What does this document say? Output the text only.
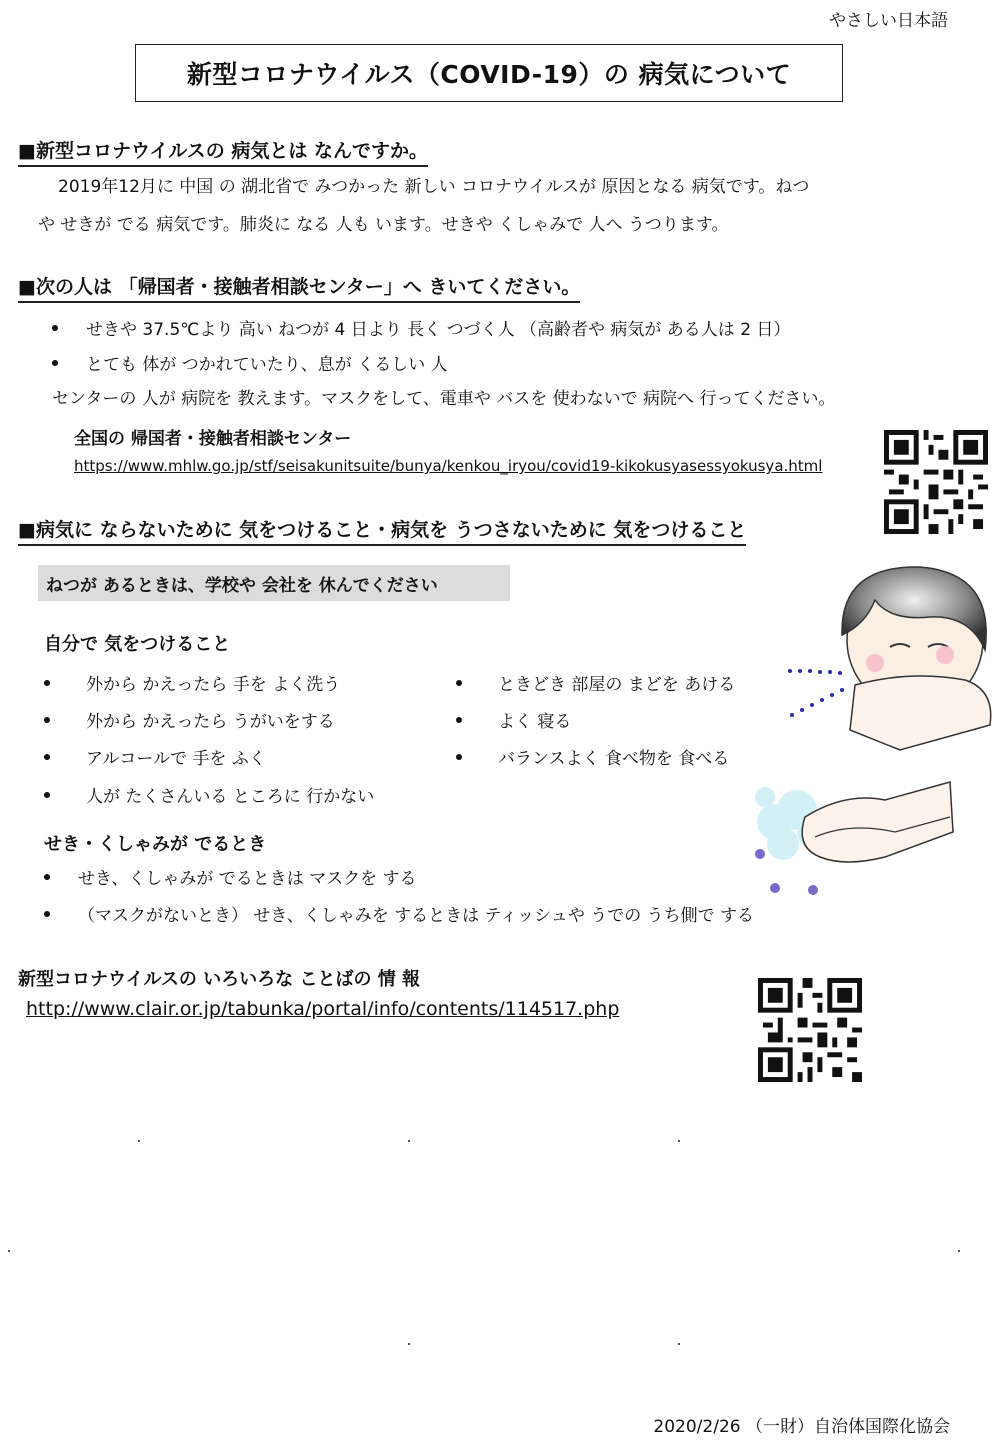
やさしい日本語
新型コロナウイルス（COVID-19）の 病気について
■新型コロナウイルスの 病気とは なんですか。
2019年12月に 中国 の 湖北省で みつかった 新しい コロナウイルスが 原因となる 病気です。ねつ
や せきが でる 病気です。肺炎に なる 人も います。せきや くしゃみで 人へ うつります。
■次の人は 「帰国者・接触者相談センター」へ きいてください。
せきや 37.5℃より 高い ねつが 4 日より 長く つづく人 （高齢者や 病気が ある人は 2 日）
とても 体が つかれていたり、息が くるしい 人
センターの 人が 病院を 教えます。マスクをして、電車や バスを 使わないで 病院へ 行ってください。
全国の 帰国者・接触者相談センター
https://www.mhlw.go.jp/stf/seisakunitsuite/bunya/kenkou_iryou/covid19-kikokusyasessyokusya.html
■病気に ならないために 気をつけること・病気を うつさないために 気をつけること
ねつが あるときは、学校や 会社を 休んでください
自分で 気をつけること
外から かえったら 手を よく洗う
外から かえったら うがいをする
アルコールで 手を ふく
人が たくさんいる ところに 行かない
ときどき 部屋の まどを あける
よく 寝る
バランスよく 食べ物を 食べる
せき・くしゃみが でるとき
せき、くしゃみが でるときは マスクを する
（マスクがないとき） せき、くしゃみを するときは ティッシュや うでの うち側で する
新型コロナウイルスの いろいろな ことばの 情 報
http://www.clair.or.jp/tabunka/portal/info/contents/114517.php
2020/2/26 （一財）自治体国際化協会
